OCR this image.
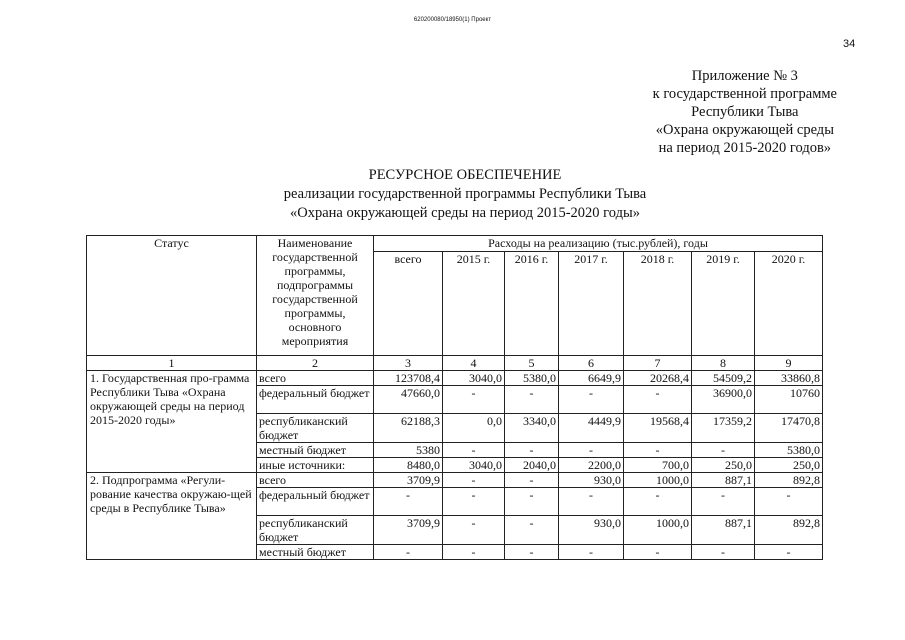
620200080/18950(1) Проект
34
Приложение № 3
к государственной программе
Республики Тыва
«Охрана окружающей среды
на период 2015-2020 годов»
РЕСУРСНОЕ ОБЕСПЕЧЕНИЕ
реализации государственной программы Республики Тыва
«Охрана окружающей среды на период 2015-2020 годы»
Статус	Наименование государственной программы, подпрограммы государственной программы, основного мероприятия	Расходы на реализацию (тыс.рублей), годы						
		всего	2015 г.	2016 г.	2017 г.	2018 г.	2019 г.	2020 г.
1	2	3	4	5	6	7	8	9
1. Государственная про-грамма Республики Тыва «Охрана окружающей среды на период 2015-2020 годы»	всего	123708,4	3040,0	5380,0	6649,9	20268,4	54509,2	33860,8
	федеральный бюджет	47660,0	-	-	-	-	36900,0	10760
	республиканский бюджет	62188,3	0,0	3340,0	4449,9	19568,4	17359,2	17470,8
	местный бюджет	5380	-	-	-	-	-	5380,0
	иные источники:	8480,0	3040,0	2040,0	2200,0	700,0	250,0	250,0
2. Подпрограмма «Регули-рование качества окружаю-щей среды в Республике Тыва»	всего	3709,9	-	-	930,0	1000,0	887,1	892,8
	федеральный бюджет	-	-	-	-	-	-	-
	республиканский бюджет	3709,9	-	-	930,0	1000,0	887,1	892,8
	местный бюджет	-	-	-	-	-	-	-
